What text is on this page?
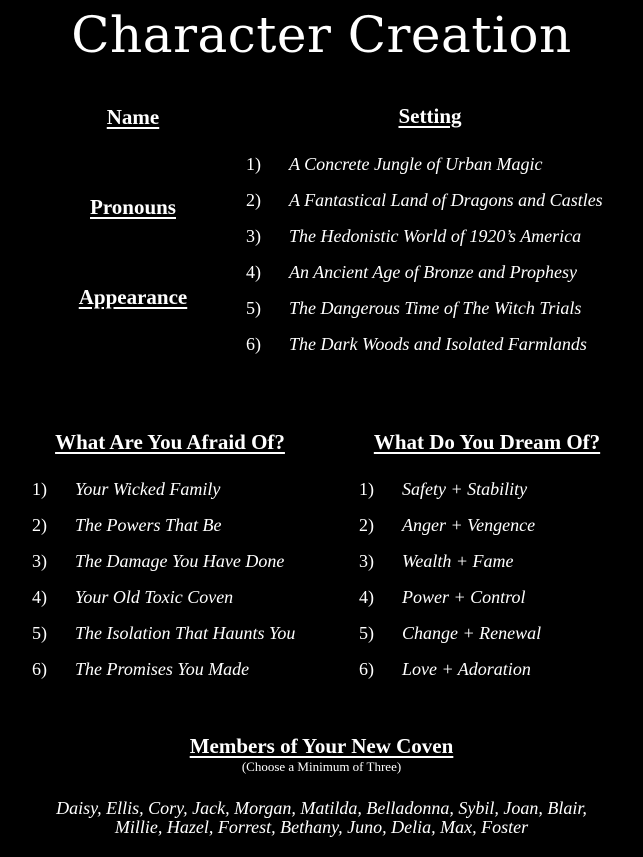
Character Creation
Name
Pronouns
Appearance
Setting
1)	A Concrete Jungle of Urban Magic
2)	A Fantastical Land of Dragons and Castles
3)	The Hedonistic World of 1920’s America
4)	An Ancient Age of Bronze and Prophesy
5)	The Dangerous Time of The Witch Trials
6)	The Dark Woods and Isolated Farmlands
What Are You Afraid Of?	What Do You Dream Of?
1)	Your Wicked Family
2)	The Powers That Be
3)	The Damage You Have Done
4)	Your Old Toxic Coven
5)	The Isolation That Haunts You
6)	The Promises You Made
1)	Safety + Stability
2)	Anger + Vengence
3)	Wealth + Fame
4)	Power + Control
5)	Change + Renewal
6)	Love + Adoration
Members of Your New Coven
(Choose a Minimum of Three)
Daisy, Ellis, Cory, Jack, Morgan, Matilda, Belladonna, Sybil, Joan, Blair,
Millie, Hazel, Forrest, Bethany, Juno, Delia, Max, Foster
